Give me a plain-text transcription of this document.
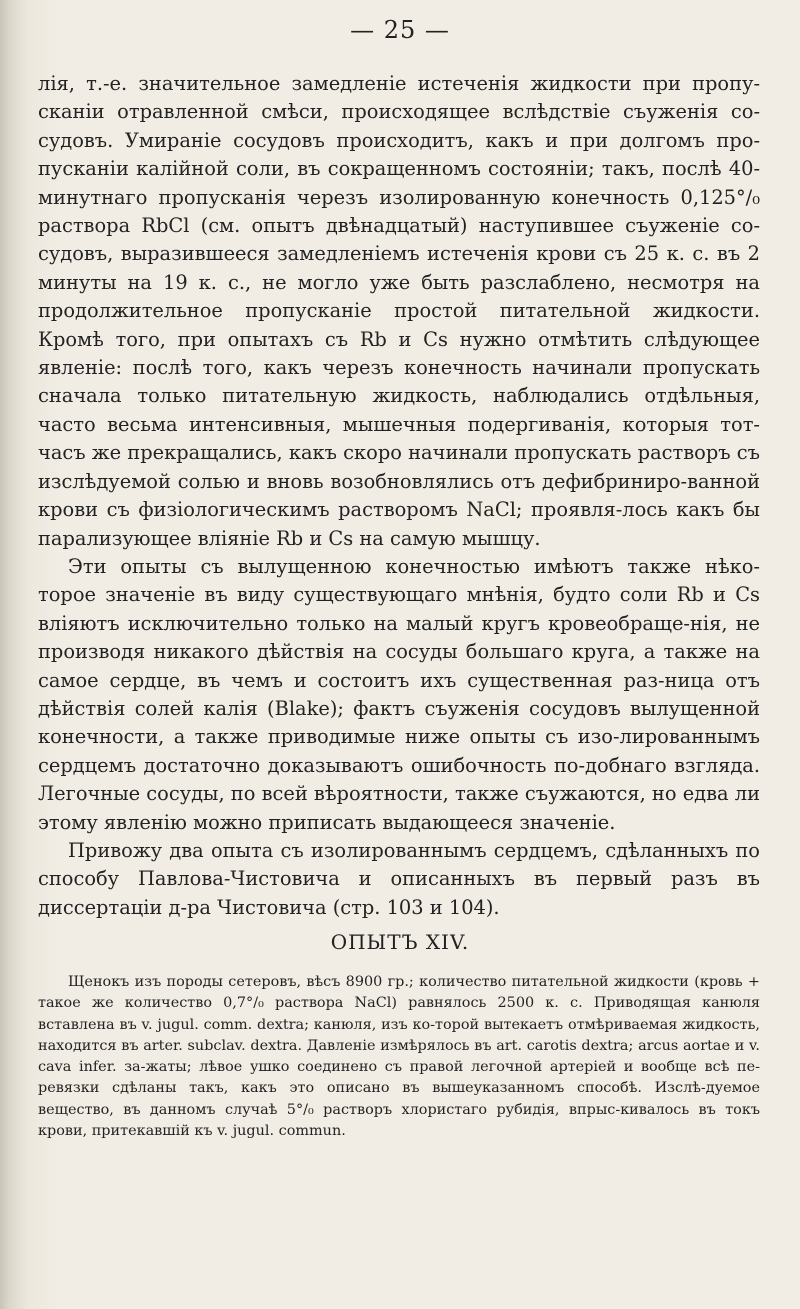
— 25 —

лія, т.-е. значительное замедленіе истеченія жидкости при пропу-сканіи отравленной смѣси, происходящее вслѣдствіе съуженія со-судовъ. Умираніе сосудовъ происходитъ, какъ и при долгомъ про-пусканіи калійной соли, въ сокращенномъ состояніи; такъ, послѣ 40-минутнаго пропусканія черезъ изолированную конечность 0,125°/₀ раствора RbCl (см. опытъ двѣнадцатый) наступившее съуженіе со-судовъ, выразившееся замедленіемъ истеченія крови съ 25 к. с. въ 2 минуты на 19 к. с., не могло уже быть разслаблено, несмотря на продолжительное пропусканіе простой питательной жидкости. Кромѣ того, при опытахъ съ Rb и Cs нужно отмѣтить слѣдующее явленіе: послѣ того, какъ черезъ конечность начинали пропускать сначала только питательную жидкость, наблюдались отдѣльныя, часто весьма интенсивныя, мышечныя подергиванія, которыя тот-часъ же прекращались, какъ скоро начинали пропускать растворъ съ изслѣдуемой солью и вновь возобновлялись отъ дефибриниро-ванной крови съ физіологическимъ растворомъ NaCl; проявля-лось какъ бы парализующее вліяніе Rb и Cs на самую мышцу.

Эти опыты съ вылущенною конечностью имѣютъ также нѣко-торое значеніе въ виду существующаго мнѣнія, будто соли Rb и Cs вліяютъ исключительно только на малый кругъ кровеобраще-нія, не производя никакого дѣйствія на сосуды большаго круга, а также на самое сердце, въ чемъ и состоитъ ихъ существенная раз-ница отъ дѣйствія солей калія (Blake); фактъ съуженія сосудовъ вылущенной конечности, а также приводимые ниже опыты съ изо-лированнымъ сердцемъ достаточно доказываютъ ошибочность по-добнаго взгляда. Легочные сосуды, по всей вѣроятности, также съужаются, но едва ли этому явленію можно приписать выдающееся значеніе.

Привожу два опыта съ изолированнымъ сердцемъ, сдѣланныхъ по способу Павлова-Чистовича и описанныхъ въ первый разъ въ диссертаціи д-ра Чистовича (стр. 103 и 104).

ОПЫТЪ XIV.
Щенокъ изъ породы сетеровъ, вѣсъ 8900 гр.; количество питательной жидкости (кровь + такое же количество 0,7°/₀ раствора NaCl) равнялось 2500 к. с. Приводящая канюля вставлена въ v. jugul. comm. dextra; канюля, изъ ко-торой вытекаетъ отмѣриваемая жидкость, находится въ arter. subclav. dextra. Давленіе измѣрялось въ art. carotis dextra; arcus aortae и v. cava infer. за-жаты; лѣвое ушко соединено съ правой легочной артеріей и вообще всѣ пе-ревязки сдѣланы такъ, какъ это описано въ вышеуказанномъ способѣ. Изслѣ-дуемое вещество, въ данномъ случаѣ 5°/₀ растворъ хлористаго рубидія, впрыс-кивалось въ токъ крови, притекавшій къ v. jugul. commun.
